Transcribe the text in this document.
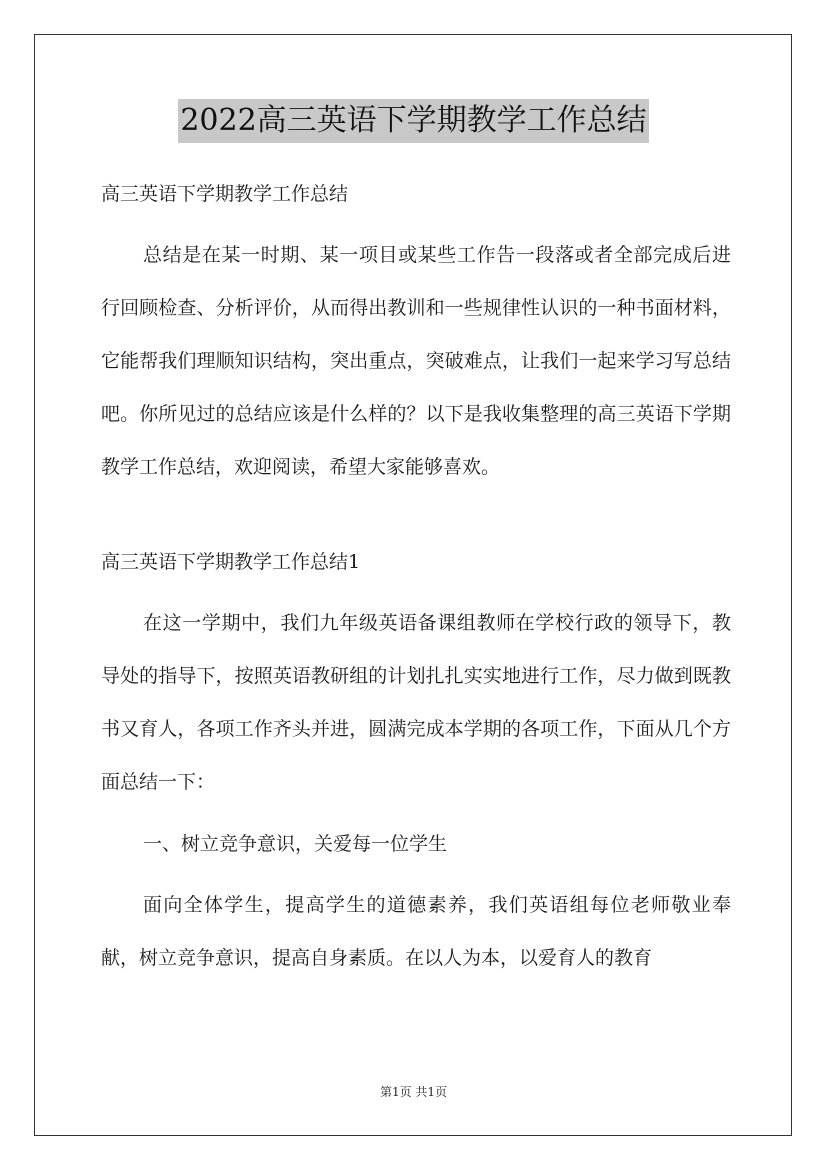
2022高三英语下学期教学工作总结
高三英语下学期教学工作总结
总结是在某一时期、某一项目或某些工作告一段落或者全部完成后进行回顾检查、分析评价，从而得出教训和一些规律性认识的一种书面材料，它能帮我们理顺知识结构，突出重点，突破难点，让我们一起来学习写总结吧。你所见过的总结应该是什么样的？以下是我收集整理的高三英语下学期教学工作总结，欢迎阅读，希望大家能够喜欢。
高三英语下学期教学工作总结1
在这一学期中，我们九年级英语备课组教师在学校行政的领导下，教导处的指导下，按照英语教研组的计划扎扎实实地进行工作，尽力做到既教书又育人，各项工作齐头并进，圆满完成本学期的各项工作，下面从几个方面总结一下：
一、树立竞争意识，关爱每一位学生
面向全体学生，提高学生的道德素养，我们英语组每位老师敬业奉献，树立竞争意识，提高自身素质。在以人为本，以爱育人的教育
第1页 共1页
